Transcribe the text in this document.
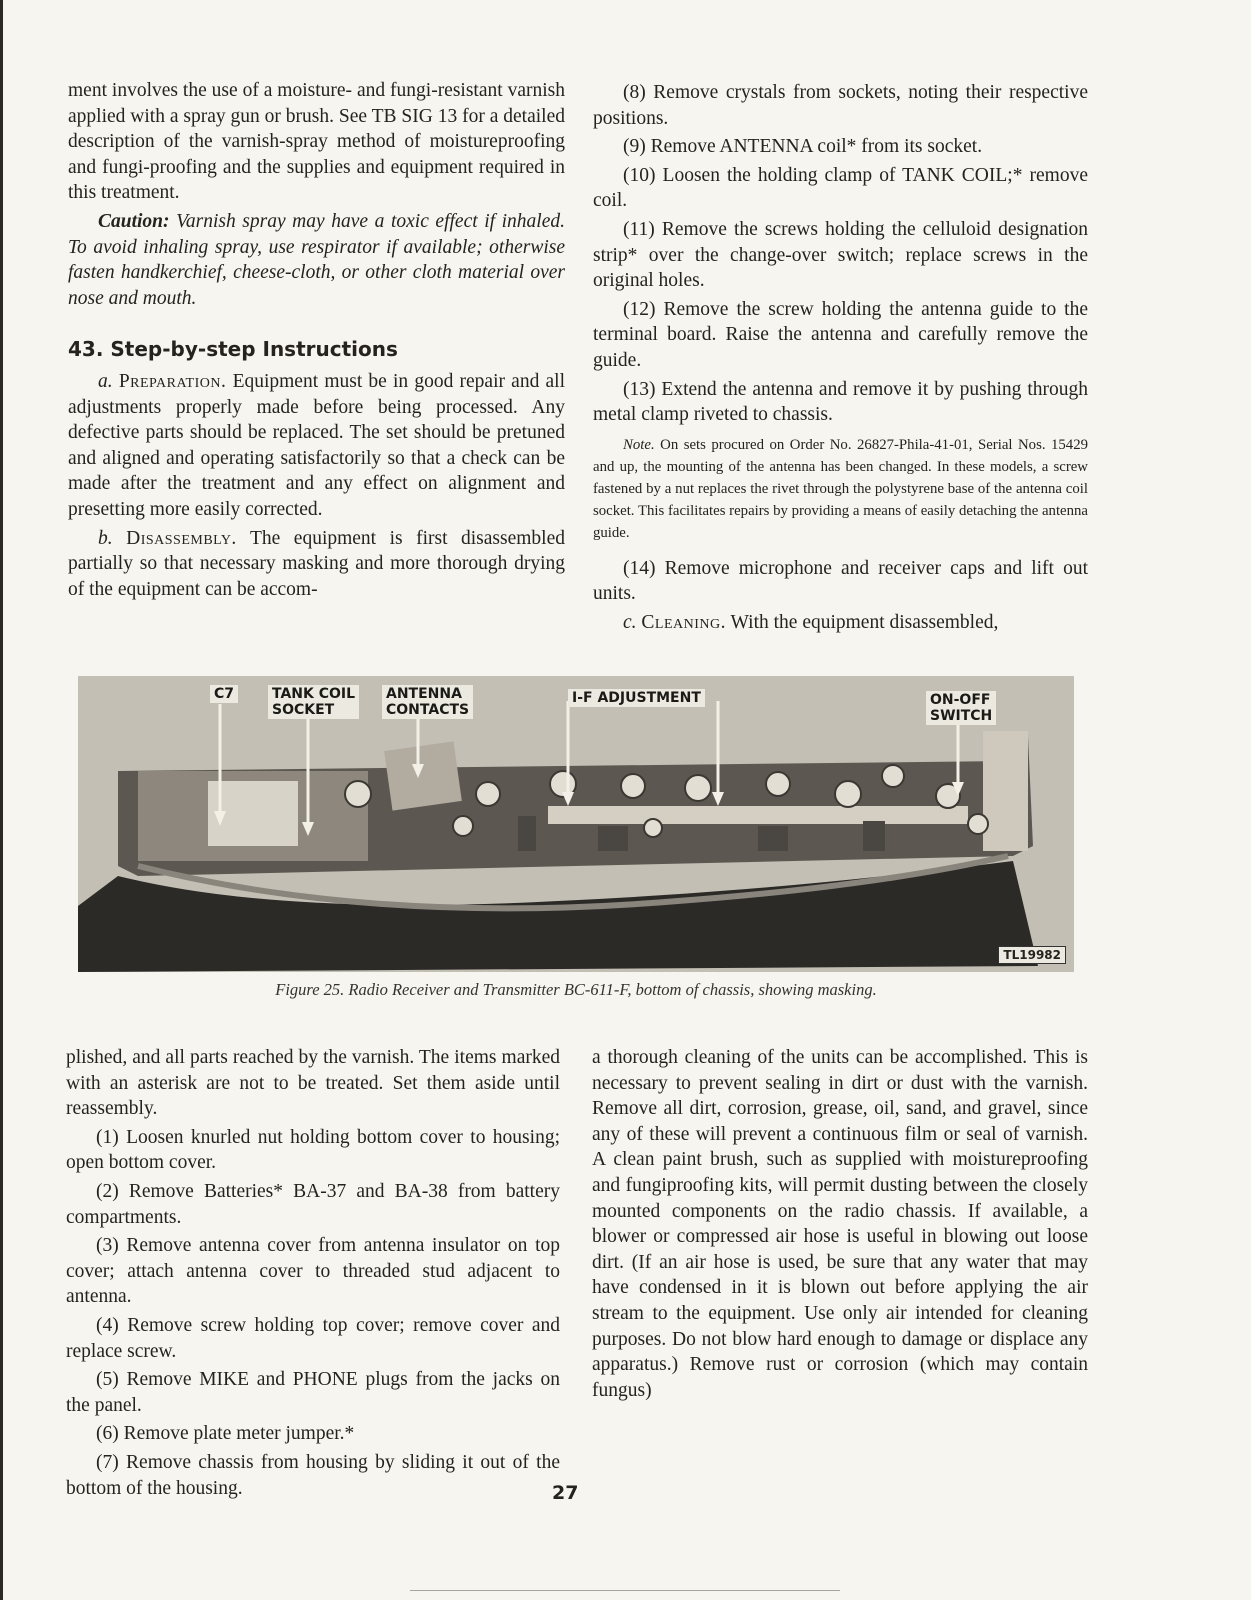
ment involves the use of a moisture- and fungi-resistant varnish applied with a spray gun or brush. See TB SIG 13 for a detailed description of the varnish-spray method of moistureproofing and fungi-proofing and the supplies and equipment required in this treatment.

Caution: Varnish spray may have a toxic effect if inhaled. To avoid inhaling spray, use respirator if available; otherwise fasten handkerchief, cheese-cloth, or other cloth material over nose and mouth.

43. Step-by-step Instructions

a. Preparation. Equipment must be in good repair and all adjustments properly made before being processed. Any defective parts should be replaced. The set should be pretuned and aligned and operating satisfactorily so that a check can be made after the treatment and any effect on alignment and presetting more easily corrected.

b. Disassembly. The equipment is first disassembled partially so that necessary masking and more thorough drying of the equipment can be accom-

(8) Remove crystals from sockets, noting their respective positions.

(9) Remove ANTENNA coil* from its socket.

(10) Loosen the holding clamp of TANK COIL;* remove coil.

(11) Remove the screws holding the celluloid designation strip* over the change-over switch; replace screws in the original holes.

(12) Remove the screw holding the antenna guide to the terminal board. Raise the antenna and carefully remove the guide.

(13) Extend the antenna and remove it by pushing through metal clamp riveted to chassis.

Note. On sets procured on Order No. 26827-Phila-41-01, Serial Nos. 15429 and up, the mounting of the antenna has been changed. In these models, a screw fastened by a nut replaces the rivet through the polystyrene base of the antenna coil socket. This facilitates repairs by providing a means of easily detaching the antenna guide.

(14) Remove microphone and receiver caps and lift out units.

c. Cleaning. With the equipment disassembled,

C7	TANK COIL
SOCKET
ANTENNA
CONTACTS
I-F ADJUSTMENT	ON-OFF
SWITCH
TL19982
Figure 25. Radio Receiver and Transmitter BC-611-F, bottom of chassis, showing masking.

plished, and all parts reached by the varnish. The items marked with an asterisk are not to be treated. Set them aside until reassembly.

(1) Loosen knurled nut holding bottom cover to housing; open bottom cover.

(2) Remove Batteries* BA-37 and BA-38 from battery compartments.

(3) Remove antenna cover from antenna insulator on top cover; attach antenna cover to threaded stud adjacent to antenna.

(4) Remove screw holding top cover; remove cover and replace screw.

(5) Remove MIKE and PHONE plugs from the jacks on the panel.

(6) Remove plate meter jumper.*

(7) Remove chassis from housing by sliding it out of the bottom of the housing.

a thorough cleaning of the units can be accomplished. This is necessary to prevent sealing in dirt or dust with the varnish. Remove all dirt, corrosion, grease, oil, sand, and gravel, since any of these will prevent a continuous film or seal of varnish. A clean paint brush, such as supplied with moistureproofing and fungiproofing kits, will permit dusting between the closely mounted components on the radio chassis. If available, a blower or compressed air hose is useful in blowing out loose dirt. (If an air hose is used, be sure that any water that may have condensed in it is blown out before applying the air stream to the equipment. Use only air intended for cleaning purposes. Do not blow hard enough to damage or displace any apparatus.) Remove rust or corrosion (which may contain fungus)

27
